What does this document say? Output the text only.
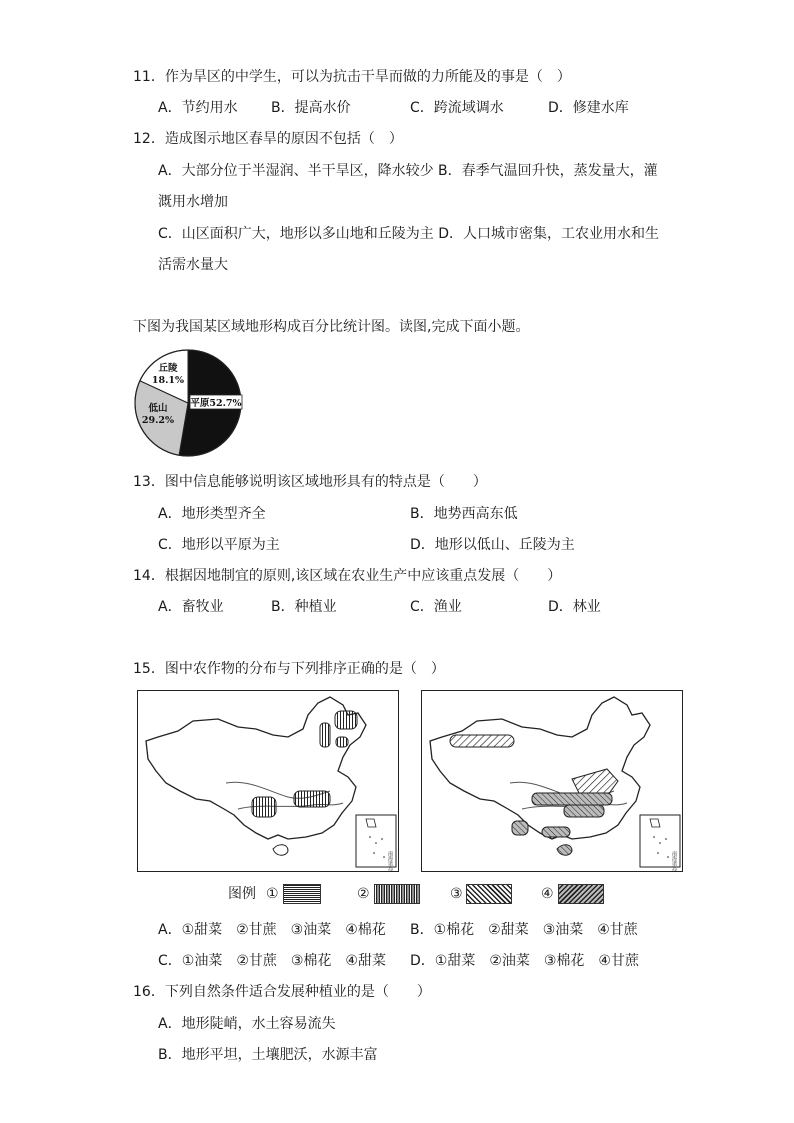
11．作为旱区的中学生，可以为抗击干旱而做的力所能及的事是（　）
A．节约用水 B．提高水价	C．跨流域调水	D．修建水库
12．造成图示地区春旱的原因不包括（　）
A．大部分位于半湿润、半干旱区，降水较少 B．春季气温回升快，蒸发量大，灌
溉用水增加
C．山区面积广大，地形以多山地和丘陵为主 D．人口城市密集，工农业用水和生
活需水量大
下图为我国某区域地形构成百分比统计图。读图,完成下面小题。
平原52.7%
丘陵
18.1%
低山
29.2%
13．图中信息能够说明该区域地形具有的特点是（　　）
A．地形类型齐全	B．地势西高东低
C．地形以平原为主	D．地形以低山、丘陵为主
14．根据因地制宜的原则,该区域在农业生产中应该重点发展（　　）
A．畜牧业	B．种植业	C．渔业	D．林业
15．图中农作物的分布与下列排序正确的是（　）
南海诸岛	南海诸岛
图例 ①	②	③	④
A．①甜菜　②甘蔗　③油菜　④棉花 B．①棉花　②甜菜　③油菜　④甘蔗
C．①油菜　②甘蔗　③棉花　④甜菜 D．①甜菜　②油菜　③棉花　④甘蔗
16．下列自然条件适合发展种植业的是（　　）
A．地形陡峭，水土容易流失
B．地形平坦，土壤肥沃，水源丰富
